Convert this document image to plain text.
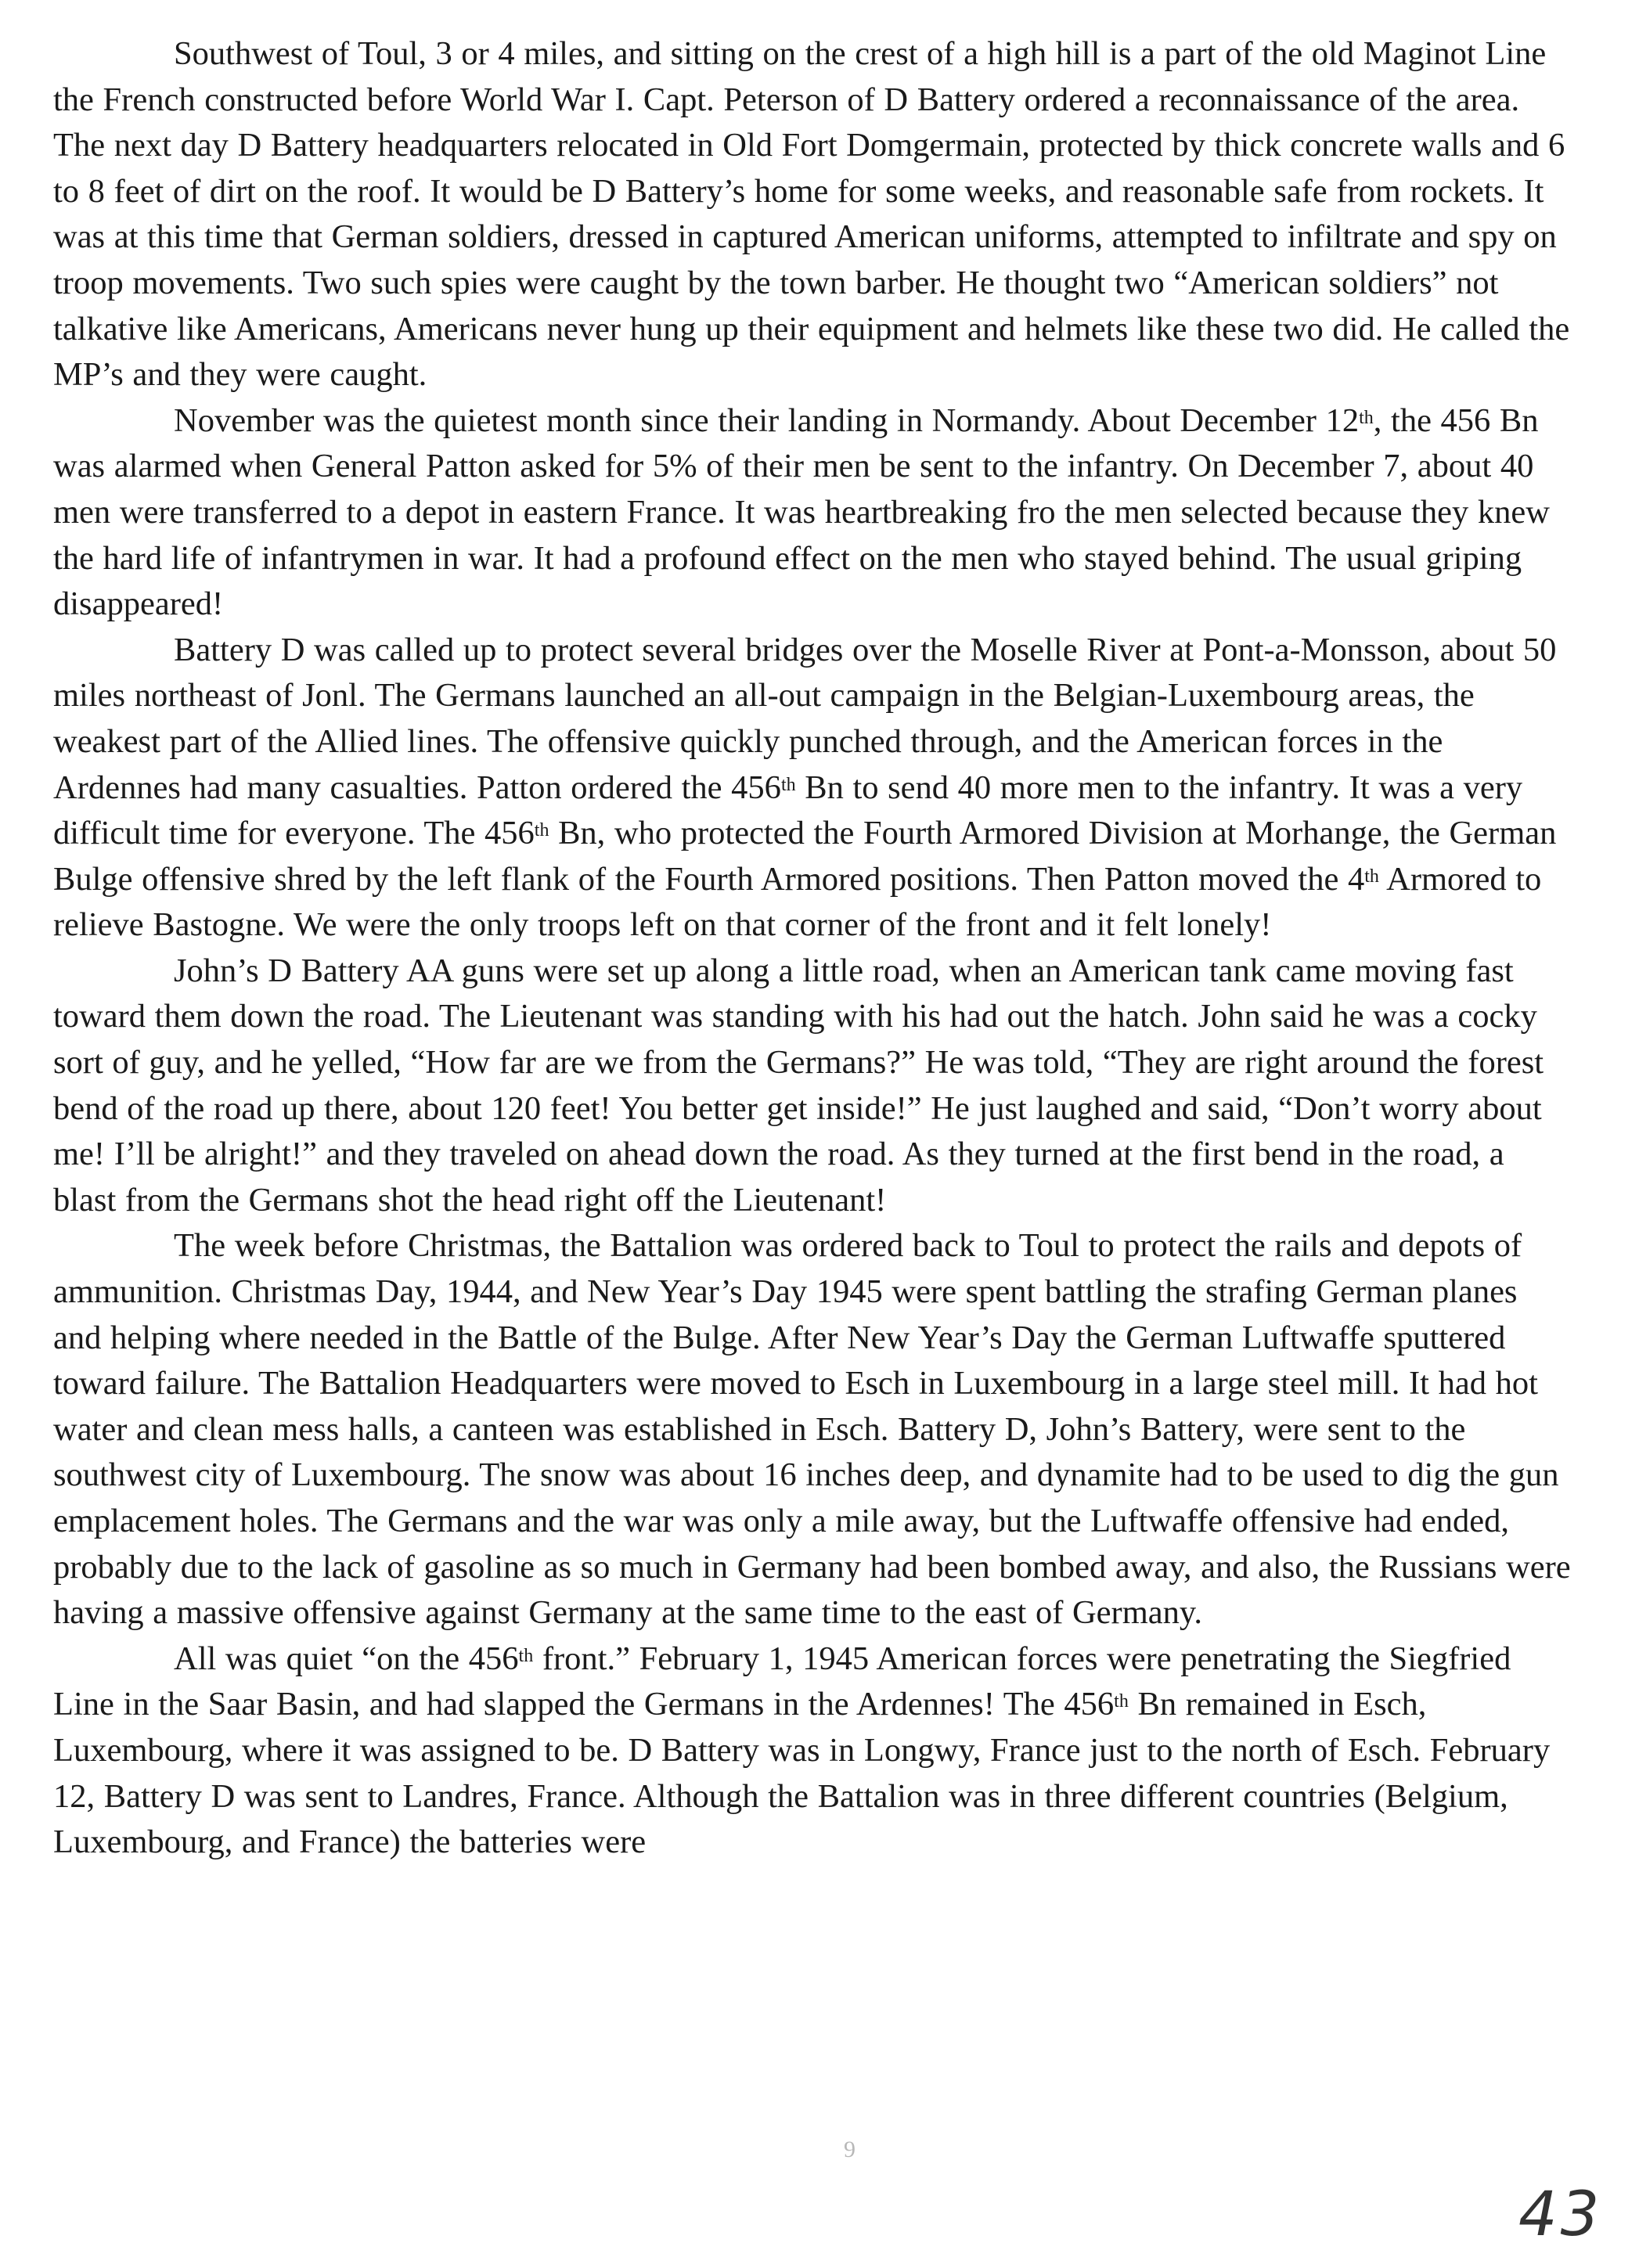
Southwest of Toul, 3 or 4 miles, and sitting on the crest of a high hill is a part of the old Maginot Line the French constructed before World War I. Capt. Peterson of D Battery ordered a reconnaissance of the area. The next day D Battery headquarters relocated in Old Fort Domgermain, protected by thick concrete walls and 6 to 8 feet of dirt on the roof. It would be D Battery’s home for some weeks, and reasonable safe from rockets. It was at this time that German soldiers, dressed in captured American uniforms, attempted to infiltrate and spy on troop movements. Two such spies were caught by the town barber. He thought two “American soldiers” not talkative like Americans, Americans never hung up their equipment and helmets like these two did. He called the MP’s and they were caught.

November was the quietest month since their landing in Normandy. About December 12th, the 456 Bn was alarmed when General Patton asked for 5% of their men be sent to the infantry. On December 7, about 40 men were transferred to a depot in eastern France. It was heartbreaking fro the men selected because they knew the hard life of infantrymen in war. It had a profound effect on the men who stayed behind. The usual griping disappeared!

Battery D was called up to protect several bridges over the Moselle River at Pont-a-Monsson, about 50 miles northeast of Jonl. The Germans launched an all-out campaign in the Belgian-Luxembourg areas, the weakest part of the Allied lines. The offensive quickly punched through, and the American forces in the Ardennes had many casualties. Patton ordered the 456th Bn to send 40 more men to the infantry. It was a very difficult time for everyone. The 456th Bn, who protected the Fourth Armored Division at Morhange, the German Bulge offensive shred by the left flank of the Fourth Armored positions. Then Patton moved the 4th Armored to relieve Bastogne. We were the only troops left on that corner of the front and it felt lonely!

John’s D Battery AA guns were set up along a little road, when an American tank came moving fast toward them down the road. The Lieutenant was standing with his had out the hatch. John said he was a cocky sort of guy, and he yelled, “How far are we from the Germans?” He was told, “They are right around the forest bend of the road up there, about 120 feet! You better get inside!” He just laughed and said, “Don’t worry about me! I’ll be alright!” and they traveled on ahead down the road. As they turned at the first bend in the road, a blast from the Germans shot the head right off the Lieutenant!

The week before Christmas, the Battalion was ordered back to Toul to protect the rails and depots of ammunition. Christmas Day, 1944, and New Year’s Day 1945 were spent battling the strafing German planes and helping where needed in the Battle of the Bulge. After New Year’s Day the German Luftwaffe sputtered toward failure. The Battalion Headquarters were moved to Esch in Luxembourg in a large steel mill. It had hot water and clean mess halls, a canteen was established in Esch. Battery D, John’s Battery, were sent to the southwest city of Luxembourg. The snow was about 16 inches deep, and dynamite had to be used to dig the gun emplacement holes. The Germans and the war was only a mile away, but the Luftwaffe offensive had ended, probably due to the lack of gasoline as so much in Germany had been bombed away, and also, the Russians were having a massive offensive against Germany at the same time to the east of Germany.

All was quiet “on the 456th front.” February 1, 1945 American forces were penetrating the Siegfried Line in the Saar Basin, and had slapped the Germans in the Ardennes! The 456th Bn remained in Esch, Luxembourg, where it was assigned to be. D Battery was in Longwy, France just to the north of Esch. February 12, Battery D was sent to Landres, France. Although the Battalion was in three different countries (Belgium, Luxembourg, and France) the batteries were

9
43
